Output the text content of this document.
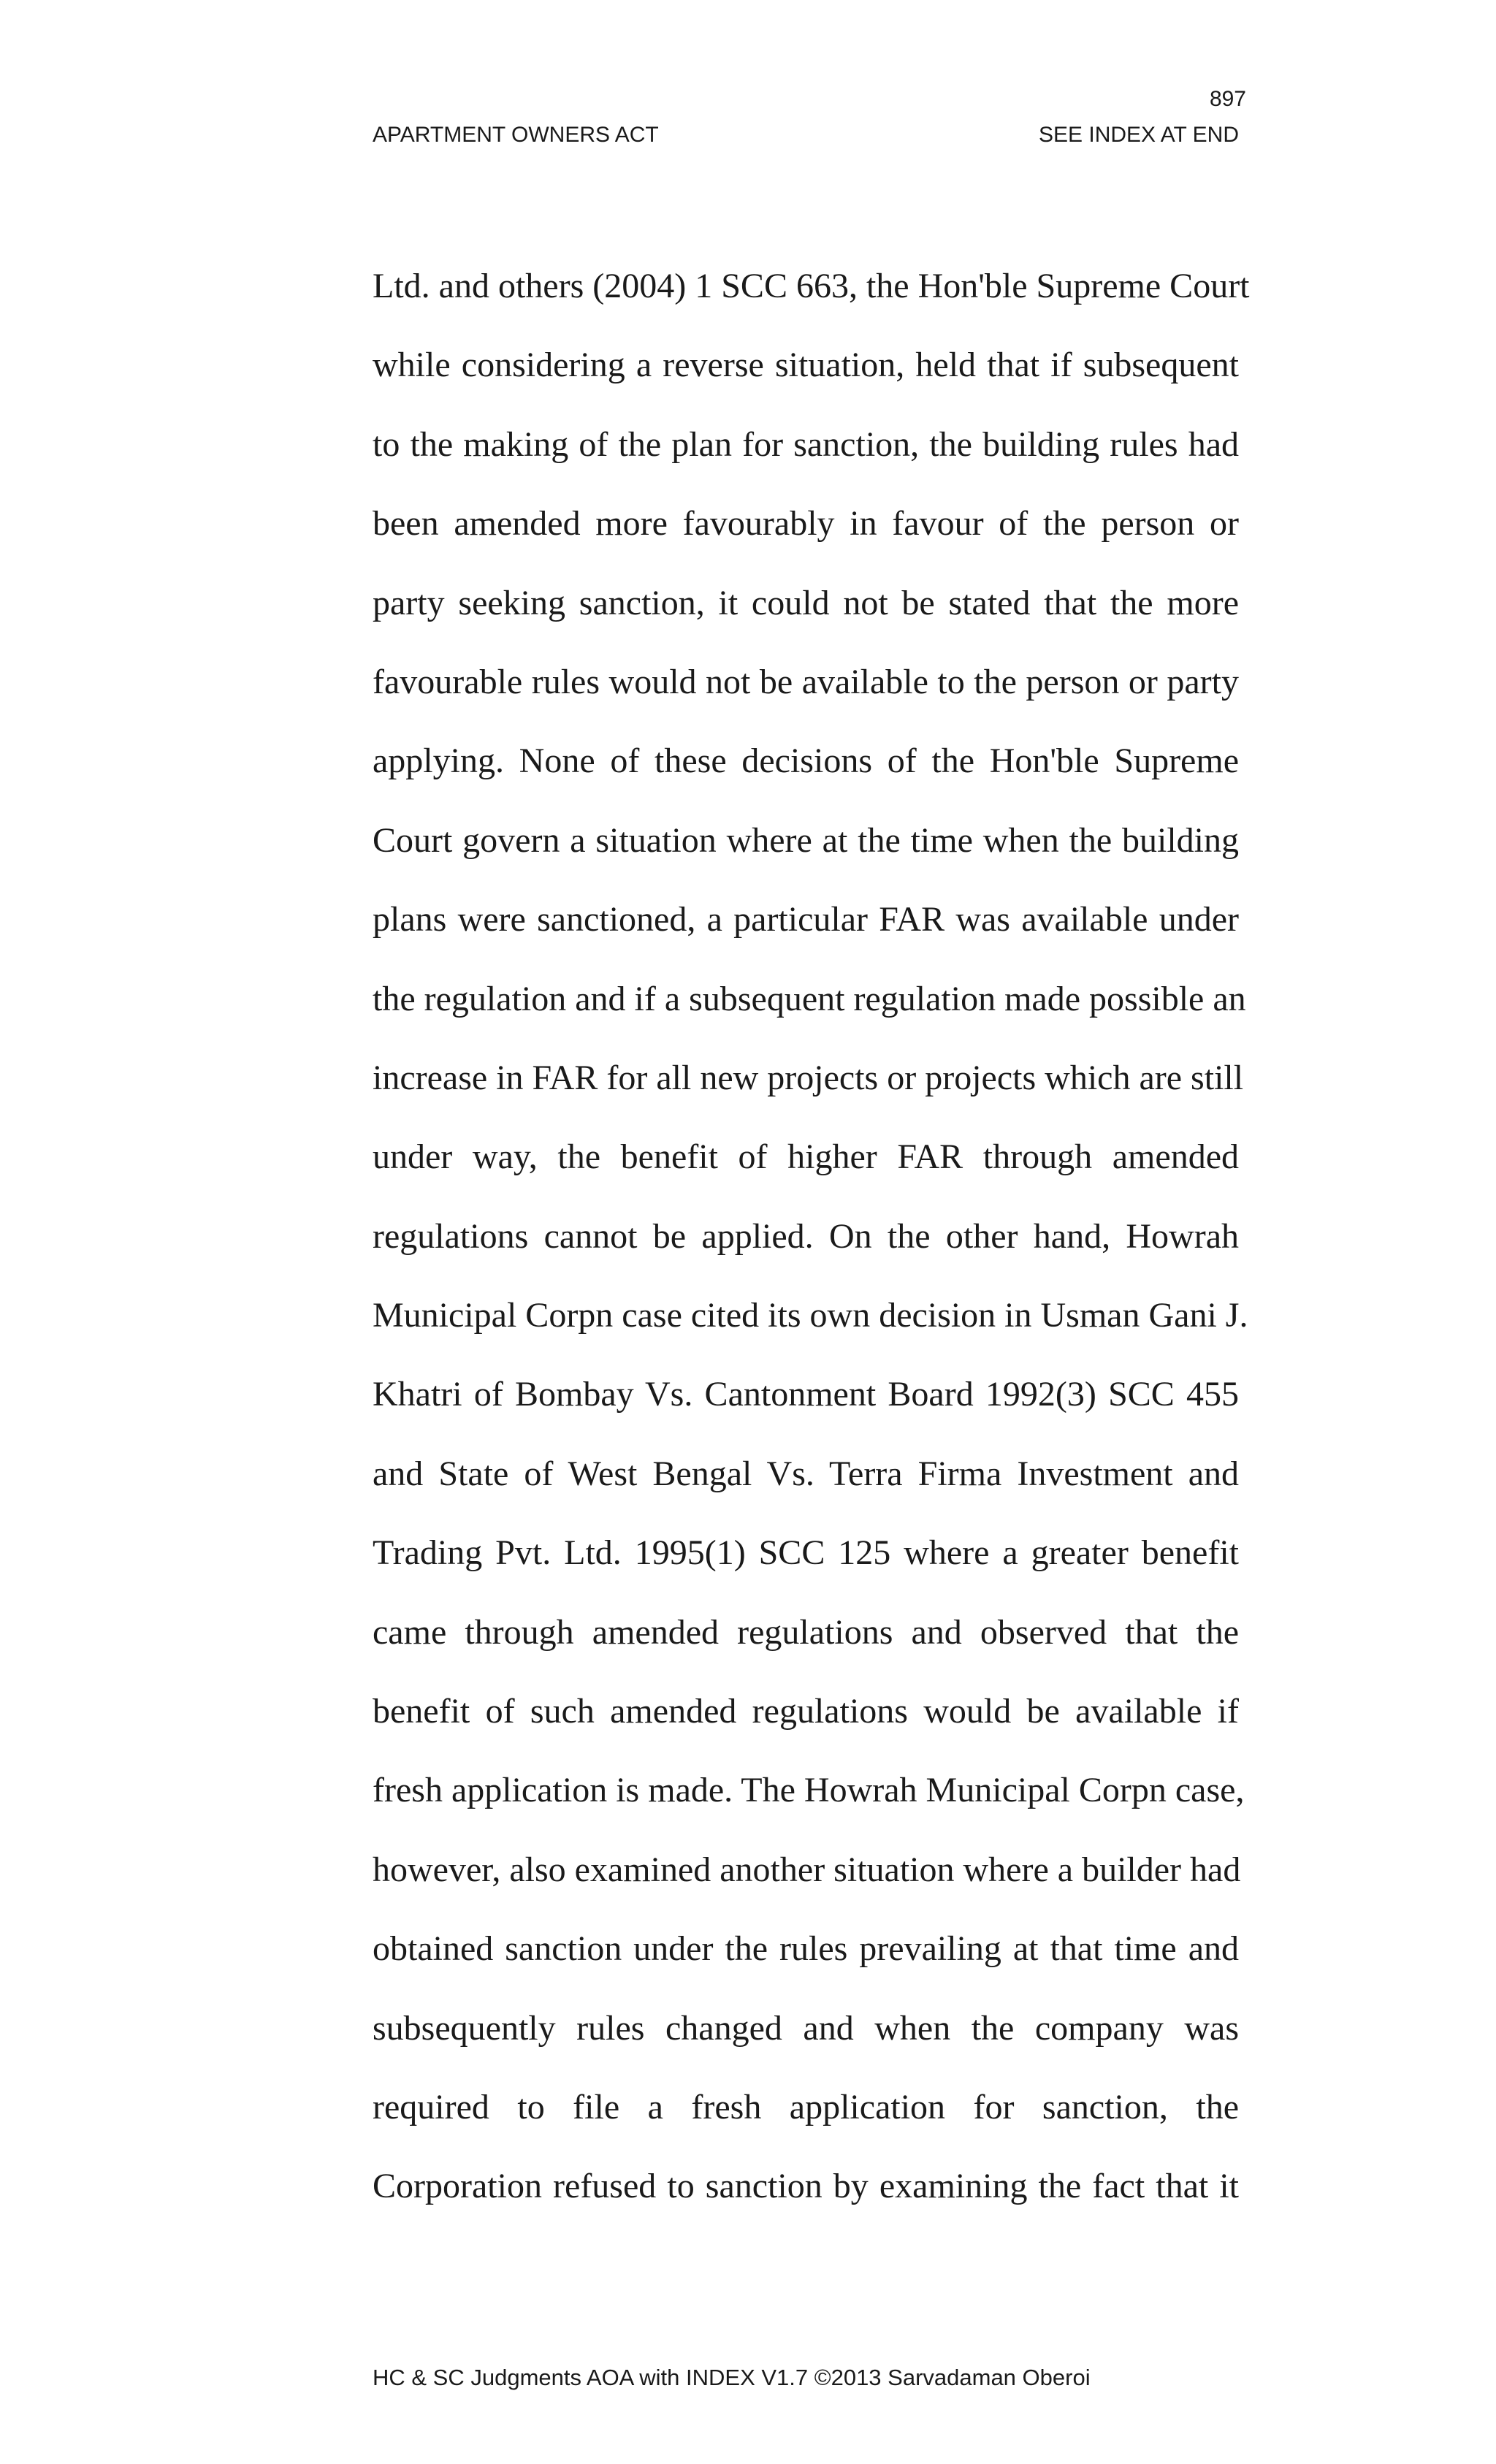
897
APARTMENT OWNERS ACT	SEE INDEX AT END
Ltd. and others (2004) 1 SCC 663, the Hon'ble Supreme Court
while considering a reverse situation, held that if subsequent
to the making of the plan for sanction, the building rules had
been amended more favourably in favour of the person or
party seeking sanction, it could not be stated that the more
favourable rules would not be available to the person or party
applying. None of these decisions of the Hon'ble Supreme
Court govern a situation where at the time when the building
plans were sanctioned, a particular FAR was available under
the regulation and if a subsequent regulation made possible an
increase in FAR for all new projects or projects which are still
under way, the benefit of higher FAR through amended
regulations cannot be applied. On the other hand, Howrah
Municipal Corpn case cited its own decision in Usman Gani J.
Khatri of Bombay Vs. Cantonment Board 1992(3) SCC 455
and State of West Bengal Vs. Terra Firma Investment and
Trading Pvt. Ltd. 1995(1) SCC 125 where a greater benefit
came through amended regulations and observed that the
benefit of such amended regulations would be available if
fresh application is made. The Howrah Municipal Corpn case,
however, also examined another situation where a builder had
obtained sanction under the rules prevailing at that time and
subsequently rules changed and when the company was
required to file a fresh application for sanction, the
Corporation refused to sanction by examining the fact that it
HC & SC Judgments AOA with INDEX V1.7 ©2013 Sarvadaman Oberoi
